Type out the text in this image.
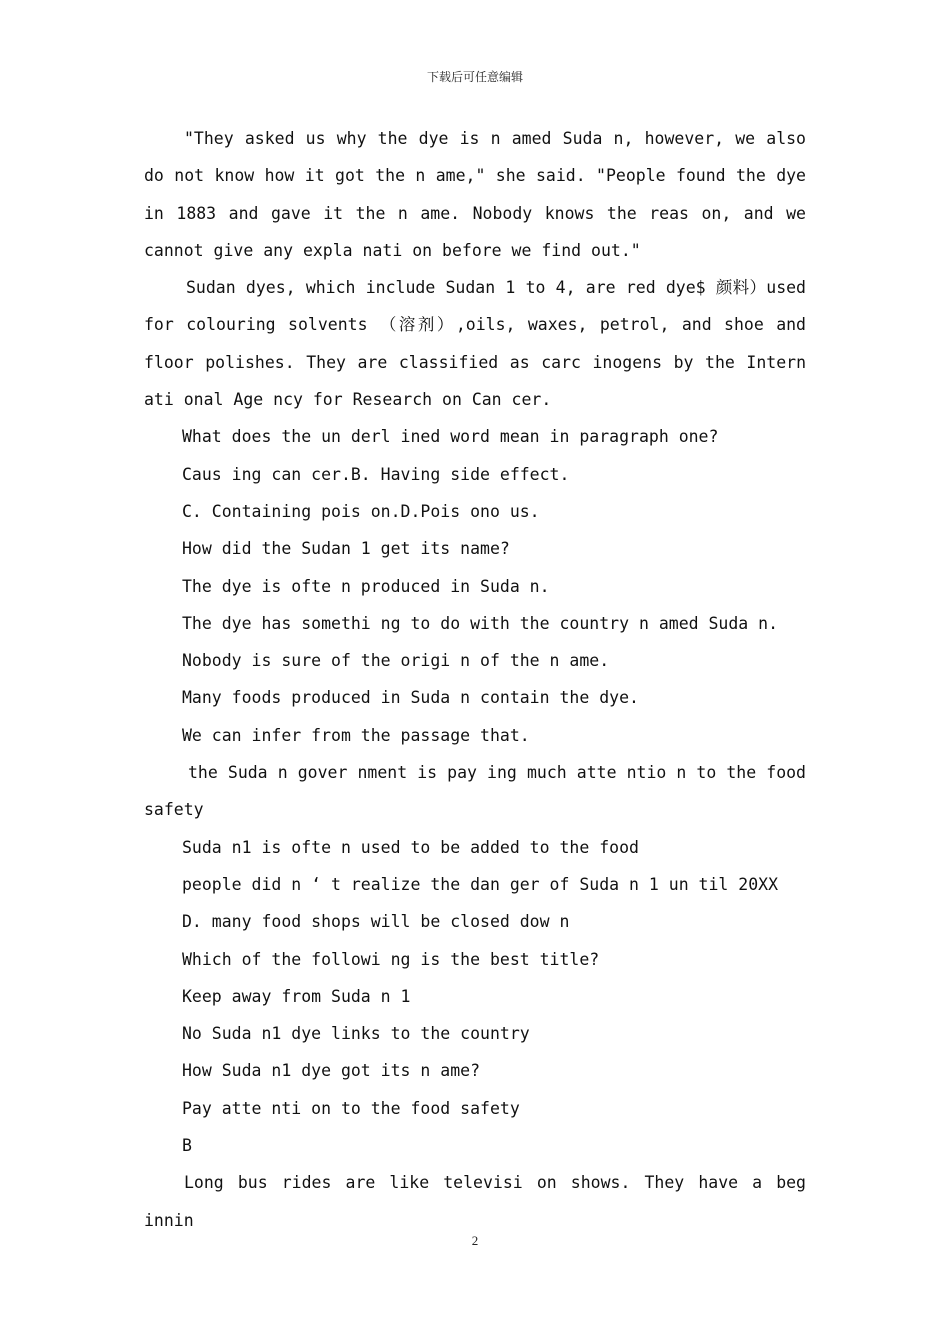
下载后可任意编辑

"They asked us why the dye is n amed Suda n, however, we also do not know how it got the n ame," she said. "People found the dye in 1883 and gave it the n ame. Nobody knows the reas on, and we cannot give any expla nati on before we find out."

Sudan dyes, which include Sudan 1 to 4, are red dye$ 颜料）used for colouring solvents （溶剂）,oils, waxes, petrol, and shoe and floor polishes. They are classified as carc inogens by the Intern ati onal Age ncy for Research on Can cer.

What does the un derl ined word mean in paragraph one?

Caus ing can cer.B. Having side effect.

C. Containing pois on.D.Pois ono us.

How did the Sudan 1 get its name?

The dye is ofte n produced in Suda n.

The dye has somethi ng to do with the country n amed Suda n.

Nobody is sure of the origi n of the n ame.

Many foods produced in Suda n contain the dye.

We can infer from the passage that.

the Suda n gover nment is pay ing much atte ntio n to the food safety

Suda n1 is ofte n used to be added to the food

people did n ‘ t realize the dan ger of Suda n 1 un til 20XX

D. many food shops will be closed dow n

Which of the followi ng is the best title?

Keep away from Suda n 1

No Suda n1 dye links to the country

How Suda n1 dye got its n ame?

Pay atte nti on to the food safety

B

Long bus rides are like televisi on shows. They have a beg innin

2
